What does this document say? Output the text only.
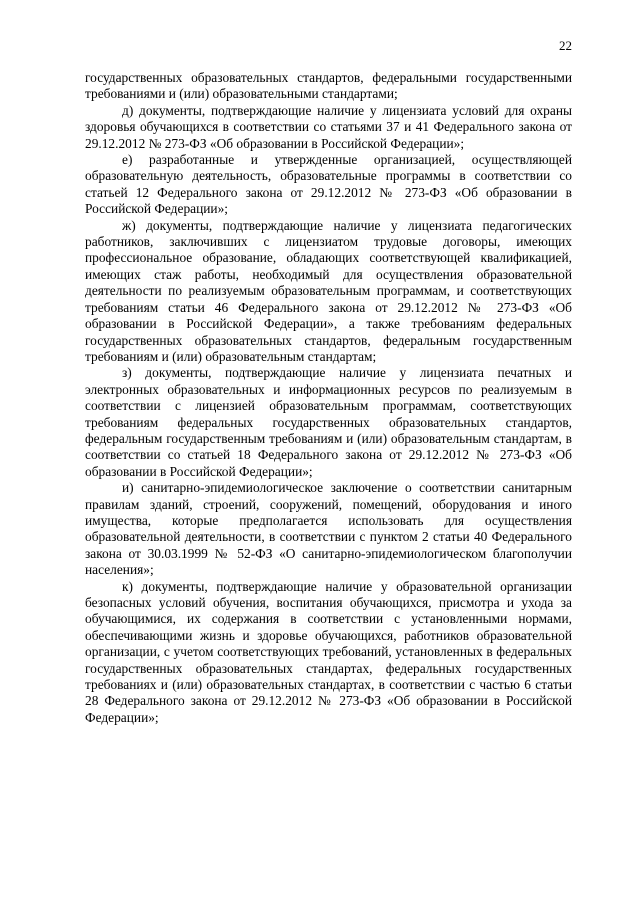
22

государственных образовательных стандартов, федеральными государственными требованиями и (или) образовательными стандартами;

д) документы, подтверждающие наличие у лицензиата условий для охраны здоровья обучающихся в соответствии со статьями 37 и 41 Федерального закона от 29.12.2012 № 273-ФЗ «Об образовании в Российской Федерации»;

е) разработанные и утвержденные организацией, осуществляющей образовательную деятельность, образовательные программы в соответствии со статьей 12 Федерального закона от 29.12.2012 № 273-ФЗ «Об образовании в Российской Федерации»;

ж) документы, подтверждающие наличие у лицензиата педагогических работников, заключивших с лицензиатом трудовые договоры, имеющих профессиональное образование, обладающих соответствующей квалификацией, имеющих стаж работы, необходимый для осуществления образовательной деятельности по реализуемым образовательным программам, и соответствующих требованиям статьи 46 Федерального закона от 29.12.2012 № 273-ФЗ «Об образовании в Российской Федерации», а также требованиям федеральных государственных образовательных стандартов, федеральным государственным требованиям и (или) образовательным стандартам;

з) документы, подтверждающие наличие у лицензиата печатных и электронных образовательных и информационных ресурсов по реализуемым в соответствии с лицензией образовательным программам, соответствующих требованиям федеральных государственных образовательных стандартов, федеральным государственным требованиям и (или) образовательным стандартам, в соответствии со статьей 18 Федерального закона от 29.12.2012 № 273-ФЗ «Об образовании в Российской Федерации»;

и) санитарно-эпидемиологическое заключение о соответствии санитарным правилам зданий, строений, сооружений, помещений, оборудования и иного имущества, которые предполагается использовать для осуществления образовательной деятельности, в соответствии с пунктом 2 статьи 40 Федерального закона от 30.03.1999 № 52-ФЗ «О санитарно-эпидемиологическом благополучии населения»;

к) документы, подтверждающие наличие у образовательной организации безопасных условий обучения, воспитания обучающихся, присмотра и ухода за обучающимися, их содержания в соответствии с установленными нормами, обеспечивающими жизнь и здоровье обучающихся, работников образовательной организации, с учетом соответствующих требований, установленных в федеральных государственных образовательных стандартах, федеральных государственных требованиях и (или) образовательных стандартах, в соответствии с частью 6 статьи 28 Федерального закона от 29.12.2012 № 273-ФЗ «Об образовании в Российской Федерации»;
